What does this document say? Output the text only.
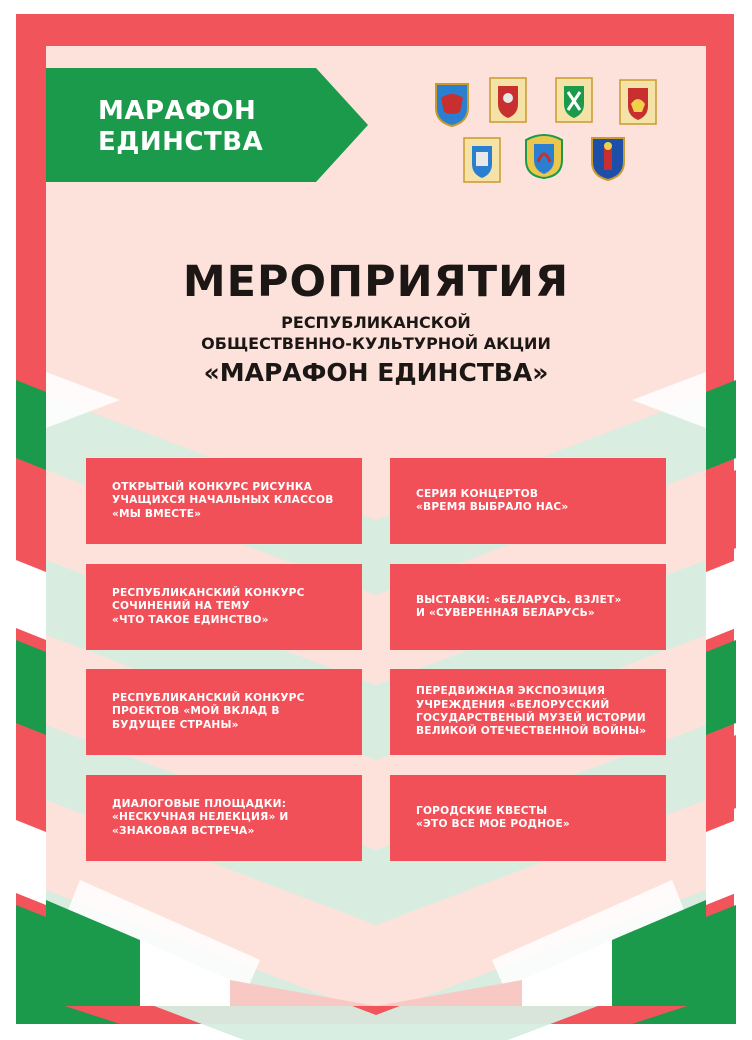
МАРАФОН
ЕДИНСТВА
МЕРОПРИЯТИЯ
РЕСПУБЛИКАНСКОЙ
ОБЩЕСТВЕННО-КУЛЬТУРНОЙ АКЦИИ
«МАРАФОН ЕДИНСТВА»
ОТКРЫТЫЙ КОНКУРС РИСУНКА
УЧАЩИХСЯ НАЧАЛЬНЫХ КЛАССОВ
«МЫ ВМЕСТЕ»
СЕРИЯ КОНЦЕРТОВ
«ВРЕМЯ ВЫБРАЛО НАС»
РЕСПУБЛИКАНСКИЙ КОНКУРС
СОЧИНЕНИЙ НА ТЕМУ
«ЧТО ТАКОЕ ЕДИНСТВО»
ВЫСТАВКИ: «БЕЛАРУСЬ. ВЗЛЕТ»
И «СУВЕРЕННАЯ БЕЛАРУСЬ»
РЕСПУБЛИКАНСКИЙ КОНКУРС
ПРОЕКТОВ «МОЙ ВКЛАД В
БУДУЩЕЕ СТРАНЫ»
ПЕРЕДВИЖНАЯ ЭКСПОЗИЦИЯ
УЧРЕЖДЕНИЯ «БЕЛОРУССКИЙ
ГОСУДАРСТВЕНЫЙ МУЗЕЙ ИСТОРИИ
ВЕЛИКОЙ ОТЕЧЕСТВЕННОЙ ВОЙНЫ»
ДИАЛОГОВЫЕ ПЛОЩАДКИ:
«НЕСКУЧНАЯ НЕЛЕКЦИЯ» И
«ЗНАКОВАЯ ВСТРЕЧА»
ГОРОДСКИЕ КВЕСТЫ
«ЭТО ВСЕ МОЕ РОДНОЕ»
